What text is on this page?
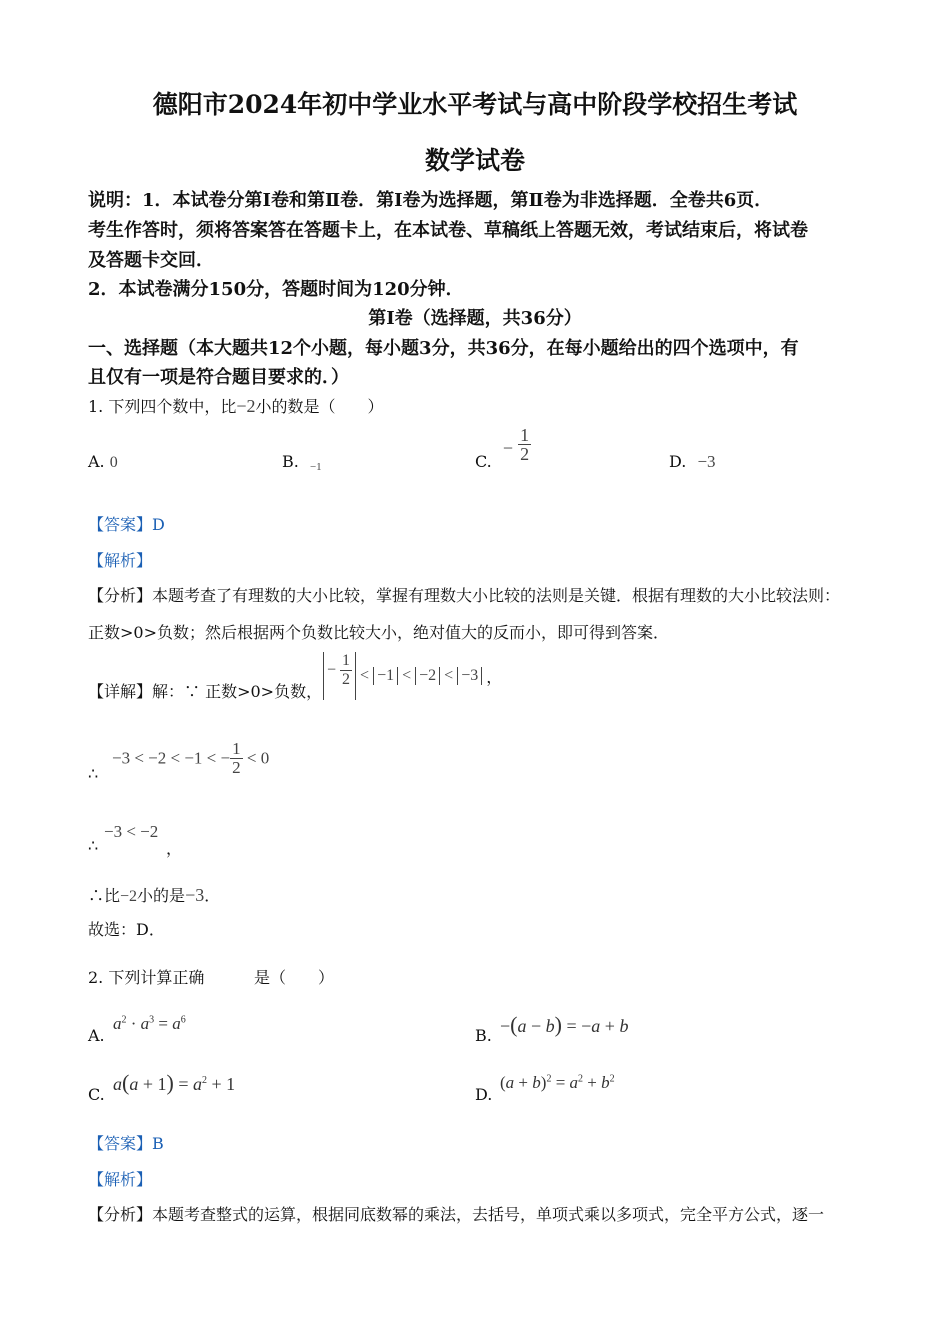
德阳市2024年初中学业水平考试与高中阶段学校招生考试
数学试卷
说明：1．本试卷分第Ⅰ卷和第Ⅱ卷．第Ⅰ卷为选择题，第Ⅱ卷为非选择题．全卷共6页．
考生作答时，须将答案答在答题卡上，在本试卷、草稿纸上答题无效，考试结束后，将试卷
及答题卡交回．
2．本试卷满分150分，答题时间为120分钟．
第Ⅰ卷（选择题，共36分）
一、选择题（本大题共12个小题，每小题3分，共36分，在每小题给出的四个选项中，有
且仅有一项是符合题目要求的．）
1. 下列四个数中，比−2小的数是（　　）
A. 0	B. −1	C. − $\frac{1}{2}$	D. −3
【答案】D
【解析】
【分析】本题考查了有理数的大小比较，掌握有理数大小比较的法则是关键．根据有理数的大小比较法则：
正数>0>负数；然后根据两个负数比较大小，绝对值大的反而小，即可得到答案．
【详解】解：∵ 正数>0>负数，
− $\frac{1}{2} < -1 < -2 < -3$ ，
∴
−3 < −2 < −1 < − $\frac{1}{2} < 0$
∴
−3 < −2
，
∴比−2小的是−3．
故选：D．
2. 下列计算正确	是（　　）
A.
$a^2 \cdot a^3 = a^6$
B. −(a − b) = −a + b
C.
$a(a + 1) = a^2 + 1$
D.
$(a + b)^2 = a^2 + b^2$
【答案】B
【解析】
【分析】本题考查整式的运算，根据同底数幂的乘法，去括号，单项式乘以多项式，完全平方公式，逐一
